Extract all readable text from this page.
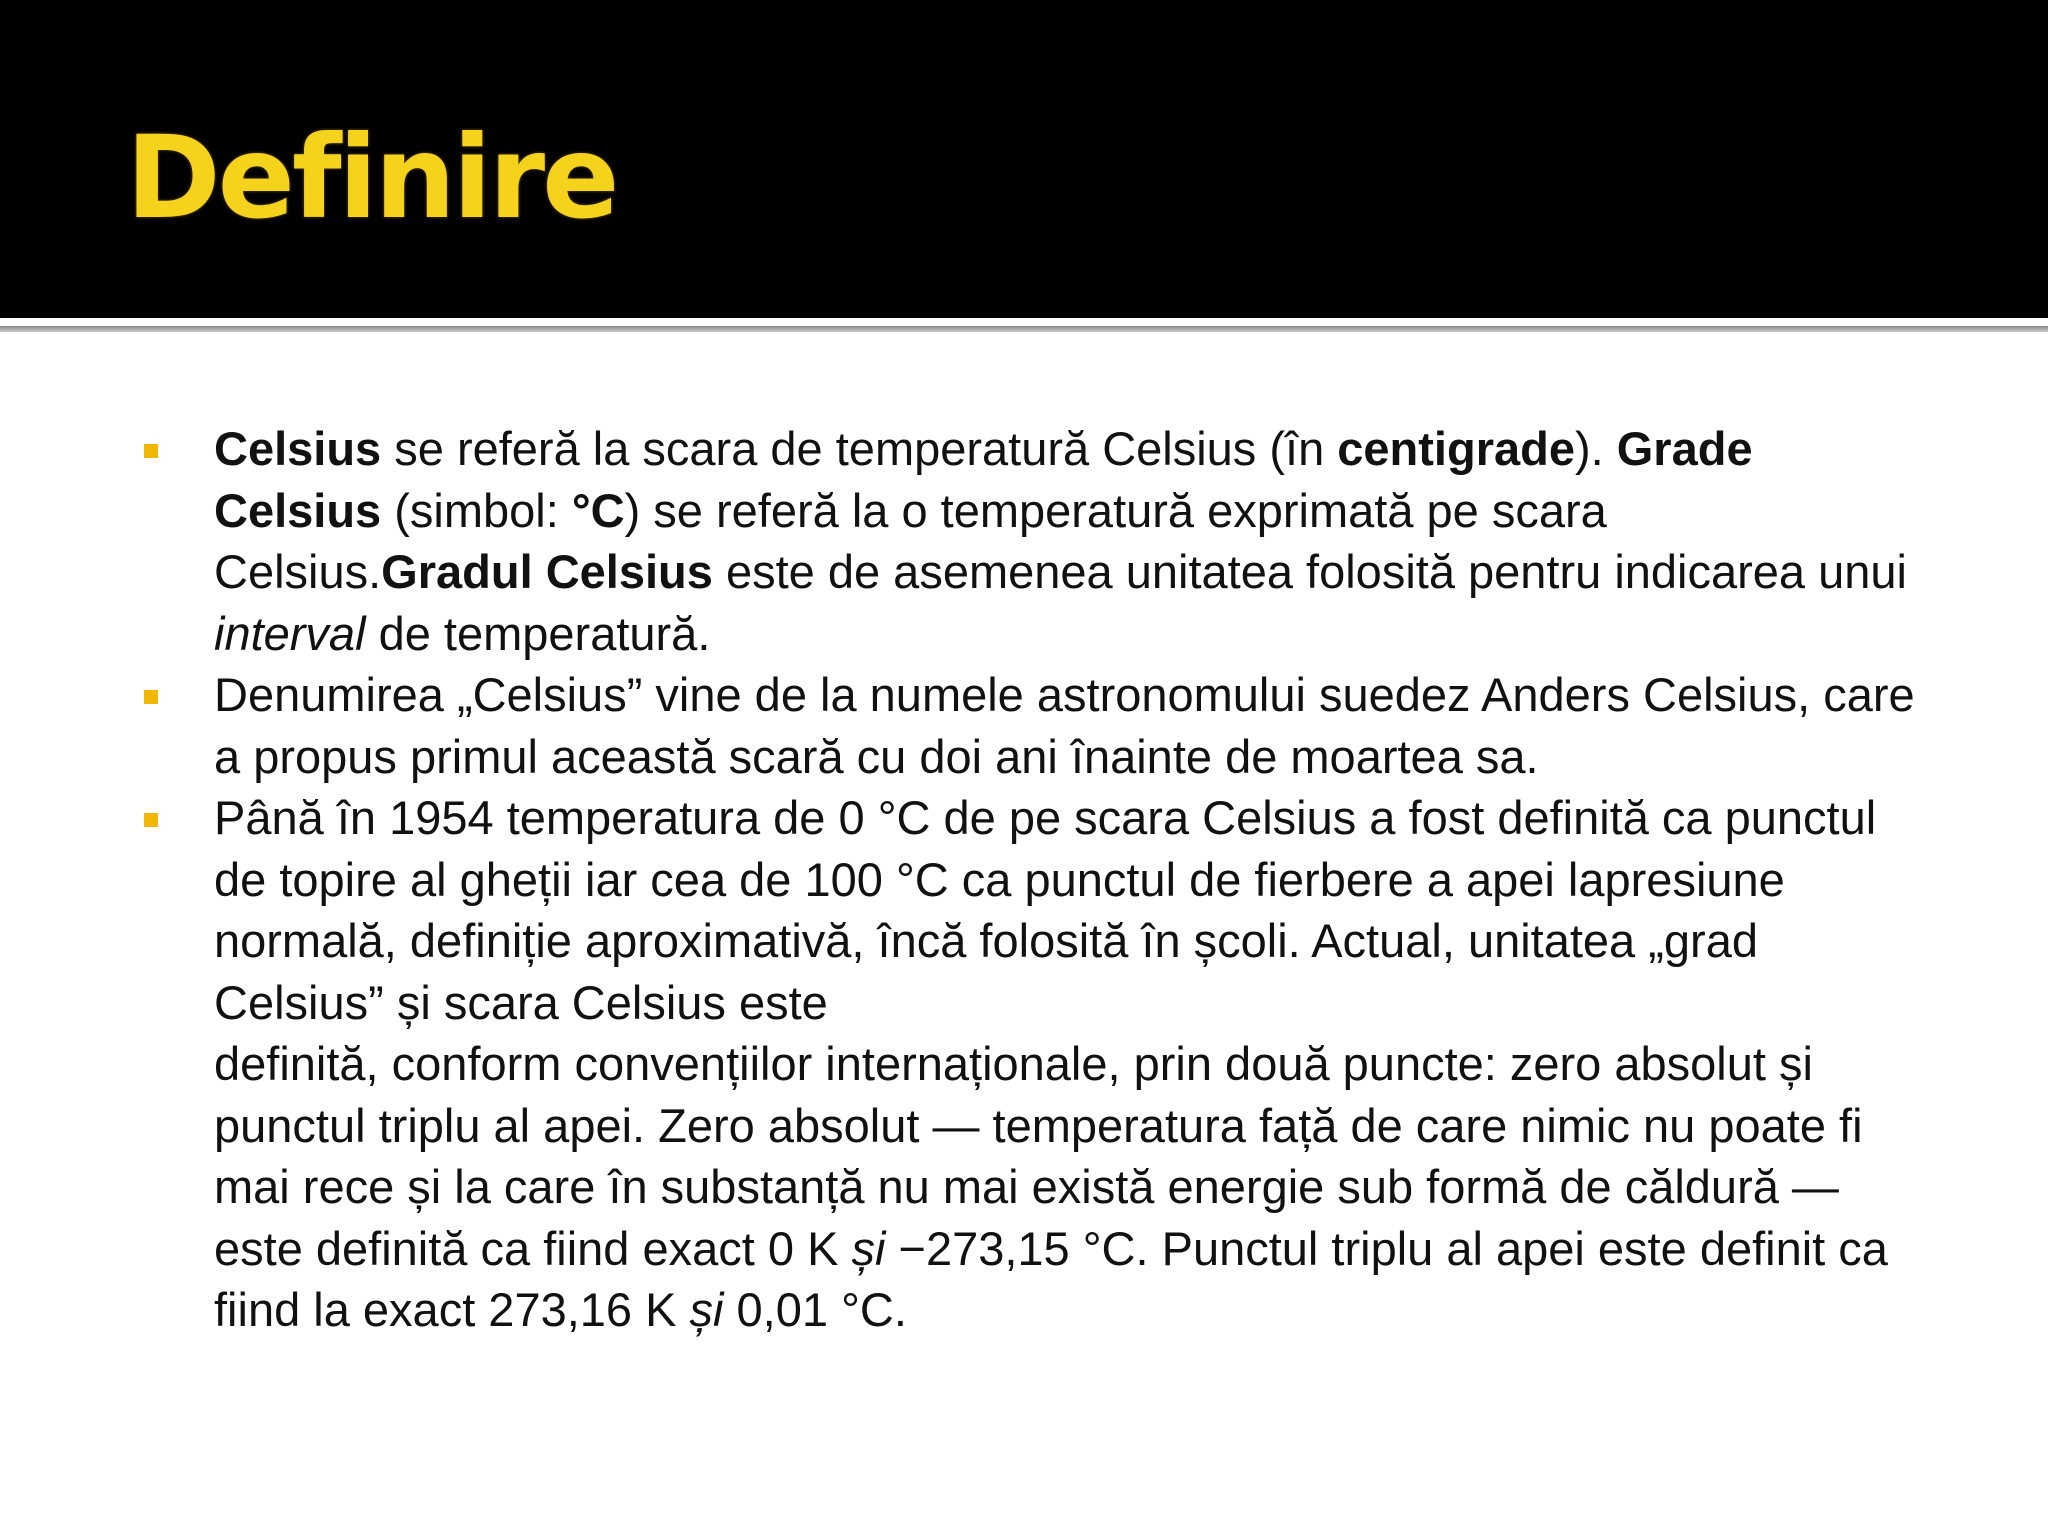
Definire
Celsius se referă la scara de temperatură Celsius (în centigrade). Grade Celsius (simbol: °C) se referă la o temperatură exprimată pe scara Celsius.Gradul Celsius este de asemenea unitatea folosită pentru indicarea unui interval de temperatură.
Denumirea „Celsius” vine de la numele astronomului suedez Anders Celsius, care a propus primul această scară cu doi ani înainte de moartea sa.
Până în 1954 temperatura de 0 °C de pe scara Celsius a fost definită ca punctul de topire al gheții iar cea de 100 °C ca punctul de fierbere a apei lapresiune normală, definiție aproximativă, încă folosită în școli. Actual, unitatea „grad Celsius” și scara Celsius este
definită, conform convențiilor internaționale, prin două puncte: zero absolut și punctul triplu al apei. Zero absolut — temperatura față de care nimic nu poate fi mai rece și la care în substanță nu mai există energie sub formă de căldură — este definită ca fiind exact 0 K și −273,15 °C. Punctul triplu al apei este definit ca fiind la exact 273,16 K și 0,01 °C.
